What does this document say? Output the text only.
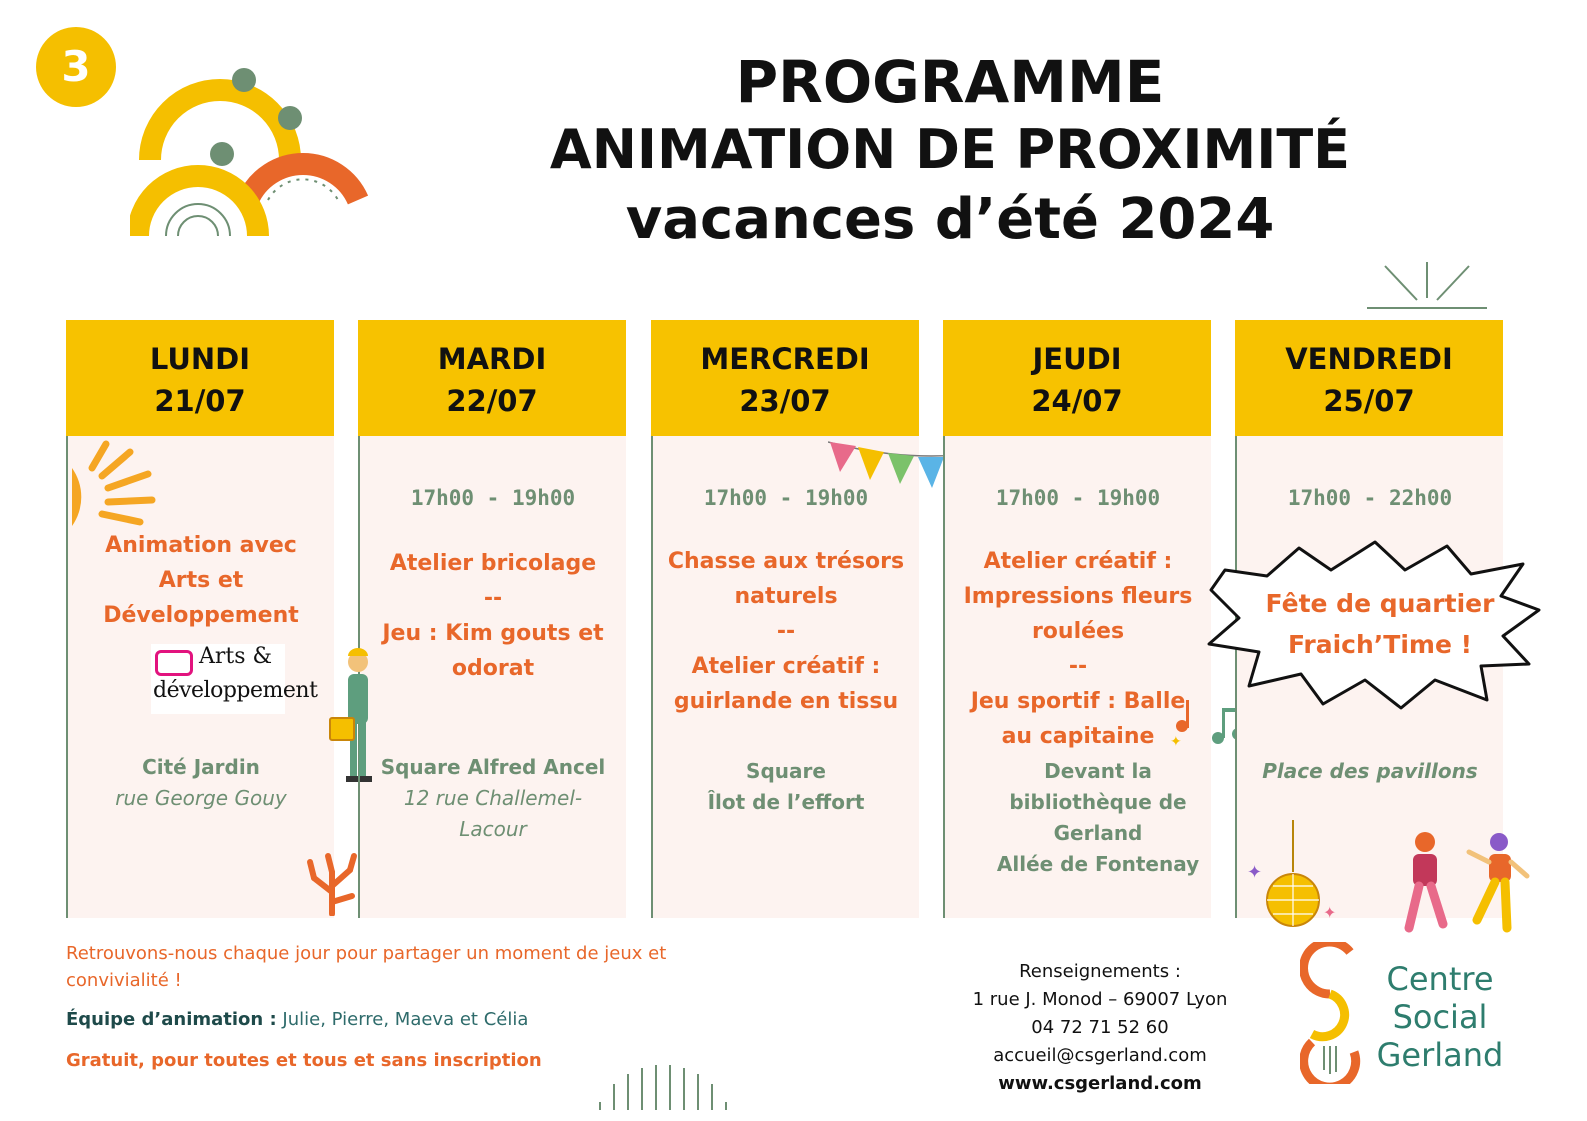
3	PROGRAMME
ANIMATION DE PROXIMITÉ
vacances d’été 2024
LUNDI
21/07
Animation avec
Arts et
Développement
Arts &
développement
Cité Jardin
rue George Gouy
MARDI
22/07
17h00 - 19h00
Atelier bricolage
--
Jeu : Kim gouts et
odorat
Square Alfred Ancel
12 rue Challemel-
Lacour
MERCREDI
23/07
17h00 - 19h00
Chasse aux trésors
naturels
--
Atelier créatif :
guirlande en tissu
Square
Îlot de l’effort
JEUDI
24/07
17h00 - 19h00
Atelier créatif :
Impressions fleurs
roulées
--
Jeu sportif : Balle
au capitaine
Devant la
bibliothèque de
Gerland
Allée de Fontenay
✦
VENDREDI
25/07
17h00 - 22h00
Place des pavillons
Fête de quartier
Fraich’Time !
✦
✦
Retrouvons-nous chaque jour pour partager un moment de jeux et convivialité !
Équipe d’animation : Julie, Pierre, Maeva et Célia
Gratuit, pour toutes et tous et sans inscription
Renseignements :
1 rue J. Monod – 69007 Lyon
04 72 71 52 60
accueil@csgerland.com
www.csgerland.com
Centre
Social
Gerland
